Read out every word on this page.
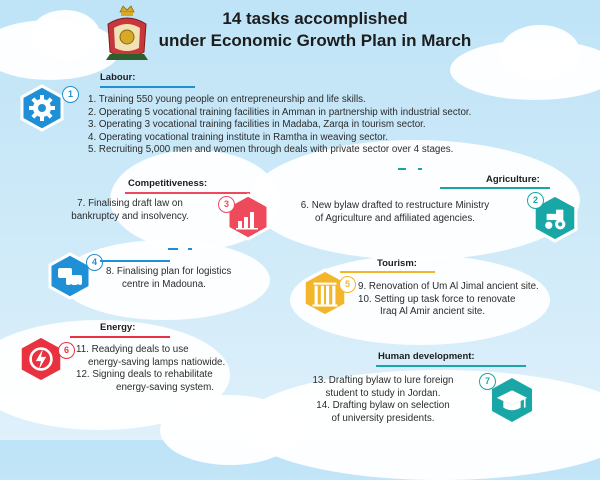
14 tasks accomplished
under Economic Growth Plan in March
1
Labour:
1. Training 550 young people on entrepreneurship and life skills.
2. Operating 5 vocational training facilities in Amman in partnership with industrial sector.
3. Operating 3 vocational training facilities in Madaba, Zarqa in tourism sector.
4. Operating vocational training institute in Ramtha in weaving sector.
5. Recruiting 5,000 men and women through deals with private sector over 4 stages.
Competitiveness:
7. Finalising draft law on
bankruptcy and insolvency.
3
Agriculture:
6. New bylaw drafted to restructure Ministry
of Agriculture and affiliated agencies.
2
4
8. Finalising plan for logistics
centre in Madouna.
Tourism:
5 9. Renovation of Um Al Jimal ancient site.
10. Setting up task force to renovate
Iraq Al Amir ancient site.
Energy:
6 11. Readying deals to use
energy-saving lamps natiowide.
12. Signing deals to rehabilitate
energy-saving system.
Human development:
13. Drafting bylaw to lure foreign
student to study in Jordan.
14. Drafting bylaw on selection
of university presidents.
7
